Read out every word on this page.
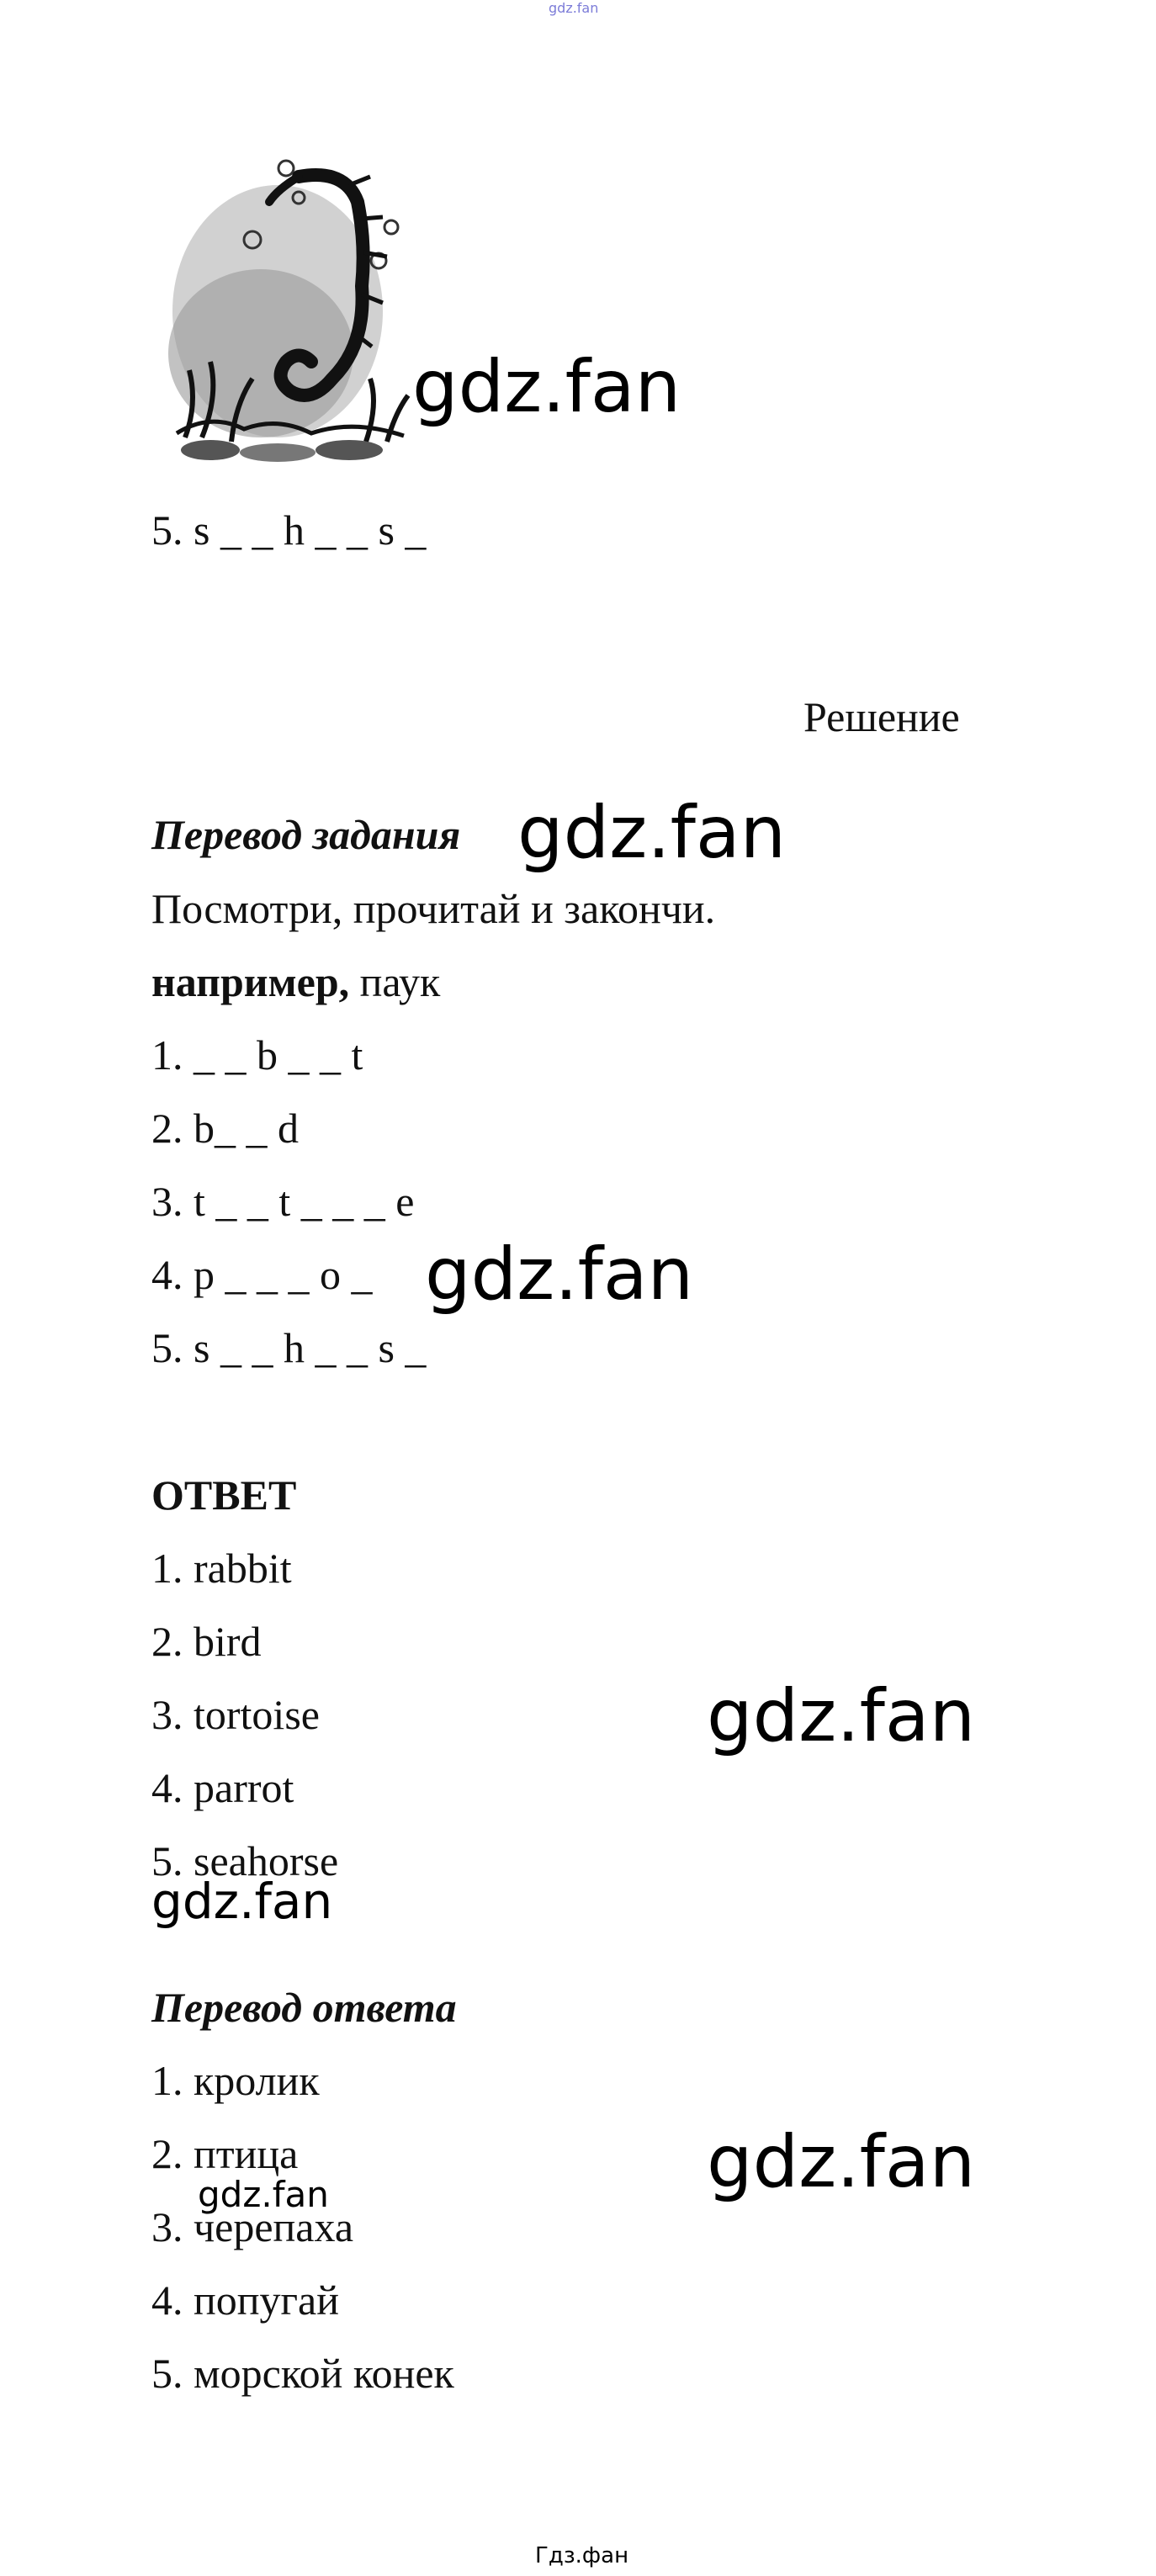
gdz.fan
gdz.fan
5. s _ _ h _ _ s _
Решение
Перевод задания gdz.fan
Посмотри, прочитай и закончи.
например, паук
1. _ _ b _ _ t
2. b_ _ d
3. t _ _ t _ _ _ e
4. p _ _ _ o _ gdz.fan
5. s _ _ h _ _ s _
ОТВЕТ
1. rabbit
2. bird
3. tortoise	gdz.fan
4. parrot
5. seahorse
gdz.fan
Перевод ответа
1. кролик
2. птица	gdz.fan
gdz.fan
3. черепаха
4. попугай
5. морской конек
Гдз.фан
